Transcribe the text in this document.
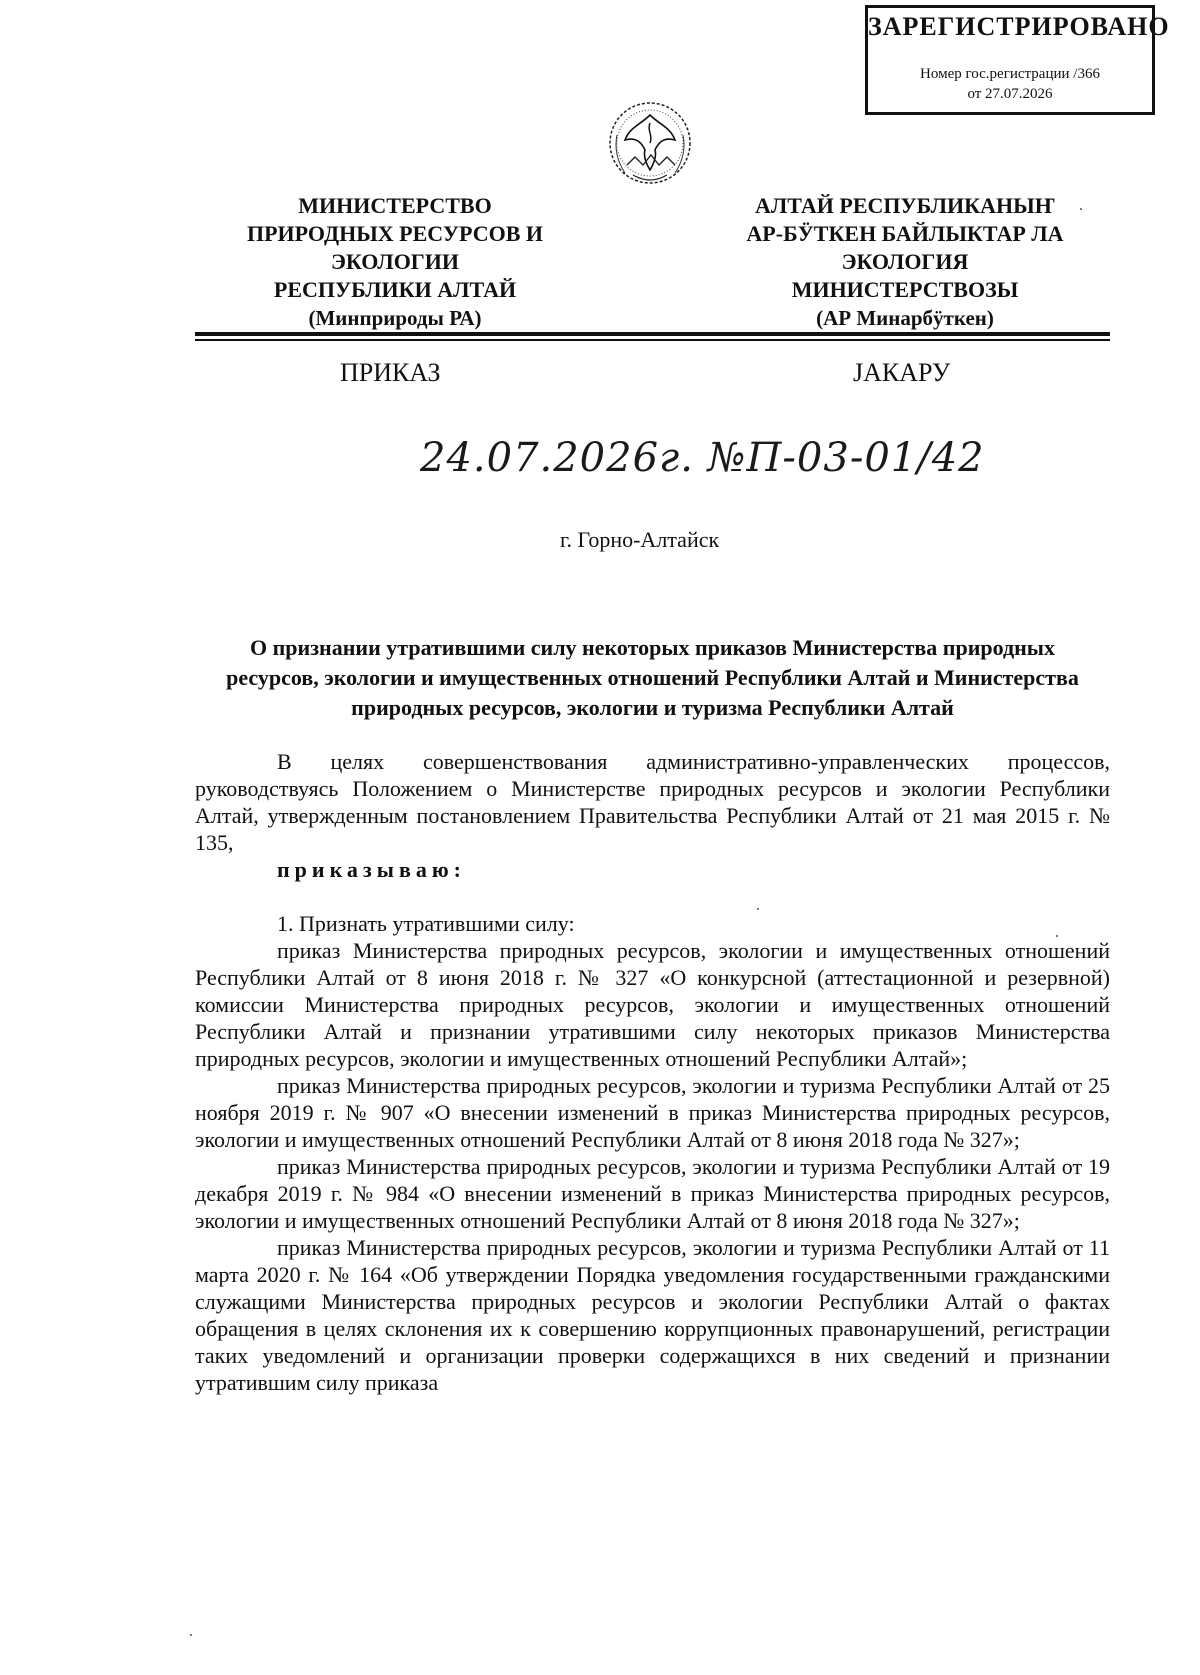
ЗАРЕГИСТРИРОВАНО
Номер гос.регистрации /366
от 27.07.2026
МИНИСТЕРСТВО
ПРИРОДНЫХ РЕСУРСОВ И ЭКОЛОГИИ
РЕСПУБЛИКИ АЛТАЙ
(Минприроды РА)
АЛТАЙ РЕСПУБЛИКАНЫҤ
АР-БӰТКЕН БАЙЛЫКТАР ЛА ЭКОЛОГИЯ
МИНИСТЕРСТВОЗЫ
(АР Минарбӱткен)
ПРИКАЗ	ЈАКАРУ
24.07.2026г. №П-03-01/42
г. Горно-Алтайск
О признании утратившими силу некоторых приказов Министерства природных
ресурсов, экологии и имущественных отношений Республики Алтай и Министерства
природных ресурсов, экологии и туризма Республики Алтай

В целях совершенствования административно-управленческих процессов, руководствуясь Положением о Министерстве природных ресурсов и экологии Республики Алтай, утвержденным постановлением Правительства Республики Алтай от 21 мая 2015 г. № 135,

приказываю:

1. Признать утратившими силу:

приказ Министерства природных ресурсов, экологии и имущественных отношений Республики Алтай от 8 июня 2018 г. № 327 «О конкурсной (аттестационной и резервной) комиссии Министерства природных ресурсов, экологии и имущественных отношений Республики Алтай и признании утратившими силу некоторых приказов Министерства природных ресурсов, экологии и имущественных отношений Республики Алтай»;

приказ Министерства природных ресурсов, экологии и туризма Республики Алтай от 25 ноября 2019 г. № 907 «О внесении изменений в приказ Министерства природных ресурсов, экологии и имущественных отношений Республики Алтай от 8 июня 2018 года № 327»;

приказ Министерства природных ресурсов, экологии и туризма Республики Алтай от 19 декабря 2019 г. № 984 «О внесении изменений в приказ Министерства природных ресурсов, экологии и имущественных отношений Республики Алтай от 8 июня 2018 года № 327»;

приказ Министерства природных ресурсов, экологии и туризма Республики Алтай от 11 марта 2020 г. № 164 «Об утверждении Порядка уведомления государственными гражданскими служащими Министерства природных ресурсов и экологии Республики Алтай о фактах обращения в целях склонения их к совершению коррупционных правонарушений, регистрации таких уведомлений и организации проверки содержащихся в них сведений и признании утратившим силу приказа
